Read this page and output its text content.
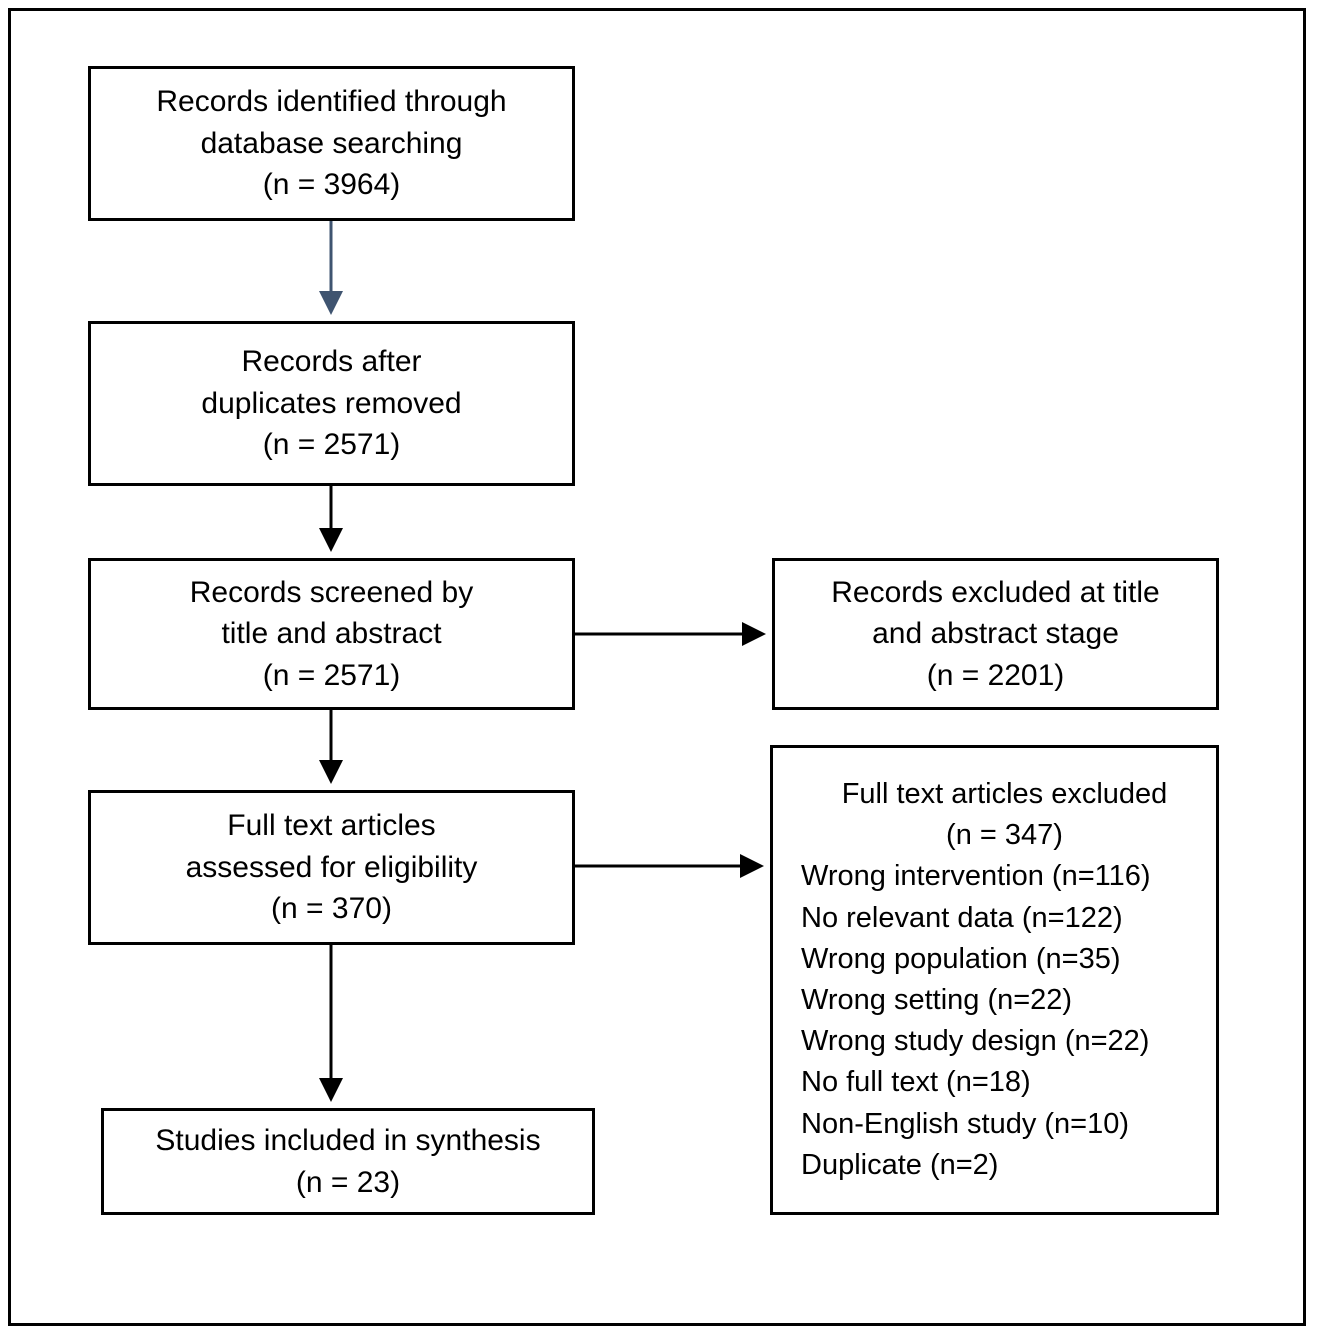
Records identified through
database searching
(n = 3964)
Records after
duplicates removed
(n = 2571)
Records screened by
title and abstract
(n = 2571)
Records excluded at title
and abstract stage
(n = 2201)
Full text articles
assessed for eligibility
(n = 370)
Full text articles excluded
(n = 347)
Wrong intervention (n=116)
No relevant data (n=122)
Wrong population (n=35)
Wrong setting (n=22)
Wrong study design (n=22)
No full text (n=18)
Non-English study (n=10)
Duplicate (n=2)
Studies included in synthesis
(n = 23)
